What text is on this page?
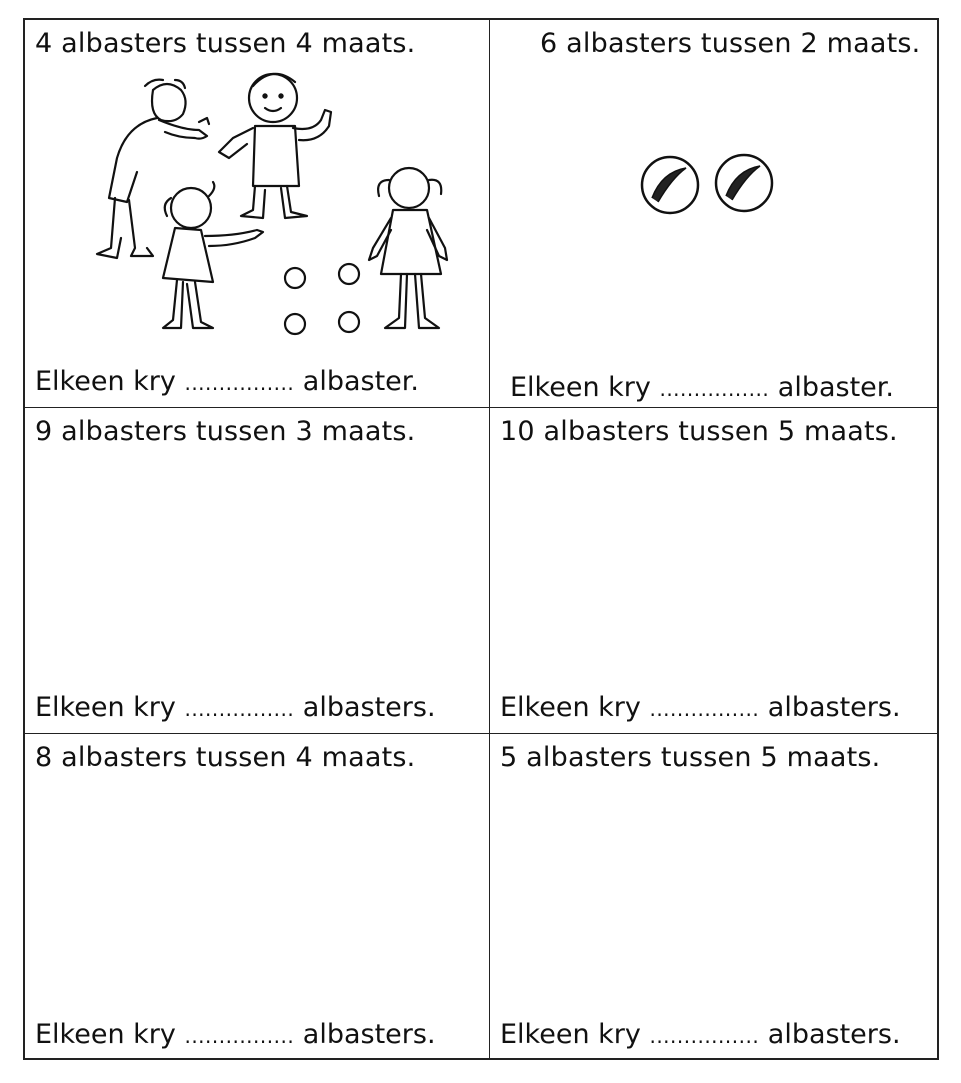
4 albasters tussen 4 maats.
Elkeen kry ................ albaster.
6 albasters tussen 2 maats.
Elkeen kry ................ albaster.
9 albasters tussen 3 maats.
Elkeen kry ................ albasters.
10 albasters tussen 5 maats.
Elkeen kry ................ albasters.
8 albasters tussen 4 maats.
Elkeen kry ................ albasters.
5 albasters tussen 5 maats.
Elkeen kry ................ albasters.
